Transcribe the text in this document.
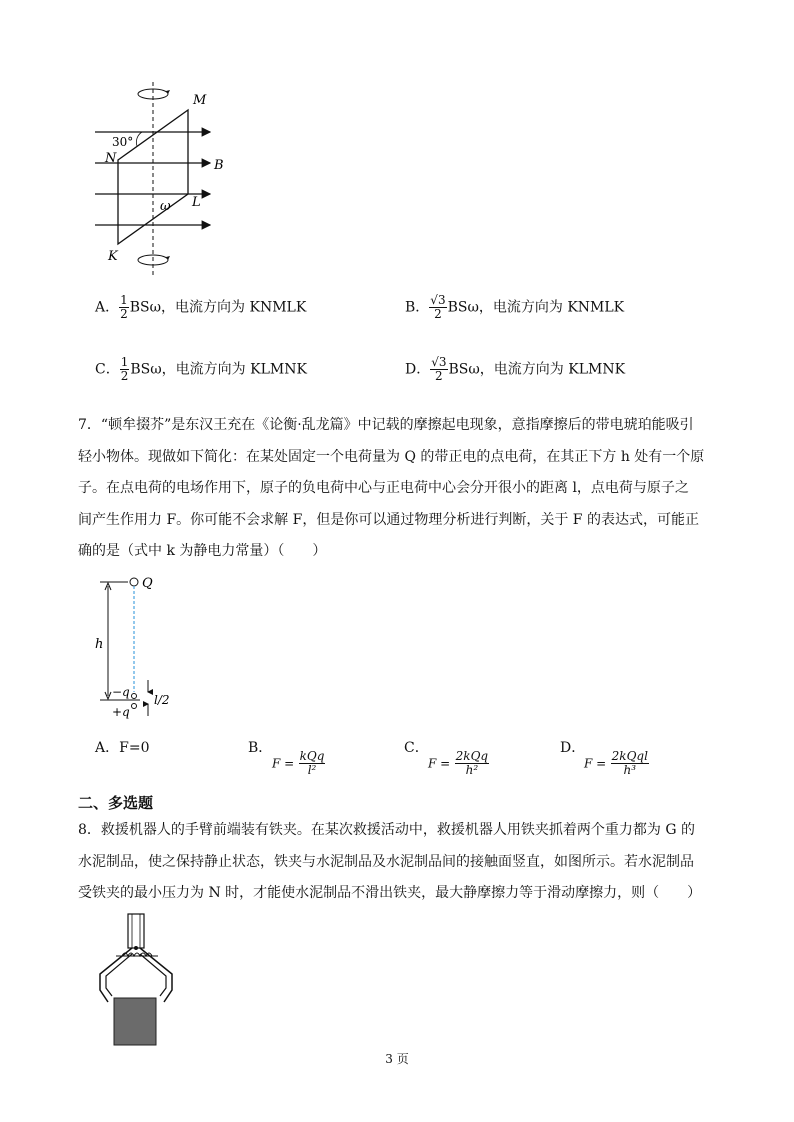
30°
M
N	B
L
ω
K
A． $\frac{1}{2}$ BSω，电流方向为 KNMLK	B． $\frac{√3}{2}$ BSω，电流方向为 KNMLK
C． $\frac{1}{2}$ BSω，电流方向为 KLMNK	D． $\frac{√3}{2}$ BSω，电流方向为 KLMNK
7．“顿牟掇芥”是东汉王充在《论衡·乱龙篇》中记载的摩擦起电现象，意指摩擦后的带电琥珀能吸引
轻小物体。现做如下简化：在某处固定一个电荷量为 Q 的带正电的点电荷，在其正下方 h 处有一个原
子。在点电荷的电场作用下，原子的负电荷中心与正电荷中心会分开很小的距离 l，点电荷与原子之
间产生作用力 F。你可能不会求解 F，但是你可以通过物理分析进行判断，关于 F 的表达式，可能正
确的是（式中 k 为静电力常量）（　　）
Q
h
−q
+q
l/2
A．F=0	B．
$F = \frac{\text{kQq}}{\text{l²}}$
C．
$F = \frac{\text{2kQq}}{\text{h²}}$
D．
$F = \frac{\text{2kQql}}{\text{h³}}$
二、多选题
8．救援机器人的手臂前端装有铁夹。在某次救援活动中，救援机器人用铁夹抓着两个重力都为 G 的
水泥制品，使之保持静止状态，铁夹与水泥制品及水泥制品间的接触面竖直，如图所示。若水泥制品
受铁夹的最小压力为 N 时，才能使水泥制品不滑出铁夹，最大静摩擦力等于滑动摩擦力，则（　　）
3 页
